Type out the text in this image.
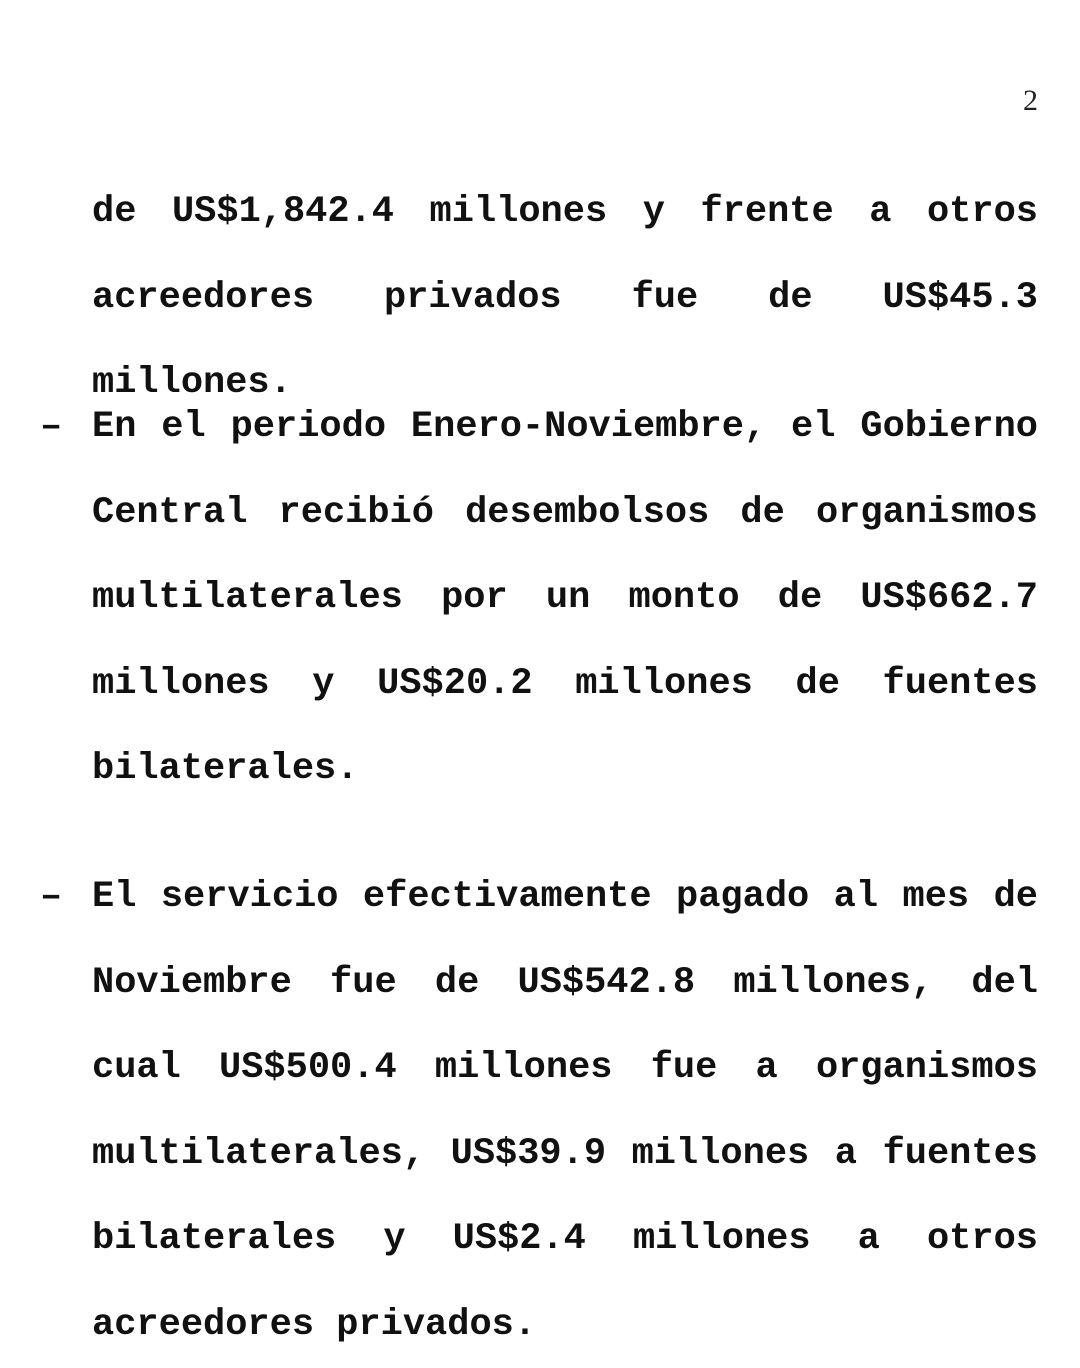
2
de US$1,842.4 millones y frente a otros acreedores privados fue de US$45.3 millones.
– En el periodo Enero-Noviembre, el Gobierno Central recibió desembolsos de organismos multilaterales por un monto de US$662.7 millones y US$20.2 millones de fuentes bilaterales.
– El servicio efectivamente pagado al mes de Noviembre fue de US$542.8 millones, del cual US$500.4 millones fue a organismos multilaterales, US$39.9 millones a fuentes bilaterales y US$2.4 millones a otros acreedores privados.
